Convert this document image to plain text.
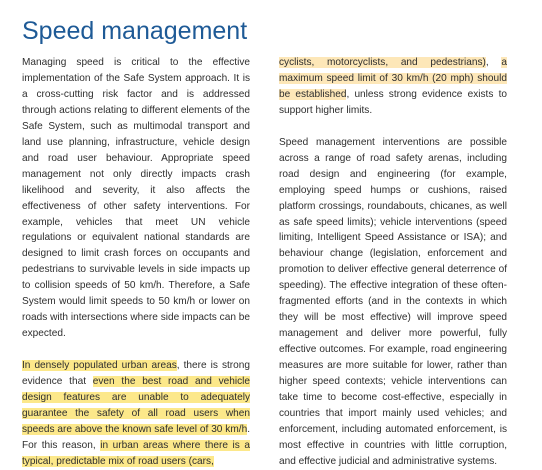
Speed management

Managing speed is critical to the effective implementation of the Safe System approach. It is a cross-cutting risk factor and is addressed through actions relating to different elements of the Safe System, such as multimodal transport and land use planning, infrastructure, vehicle design and road user behaviour. Appropriate speed management not only directly impacts crash likelihood and severity, it also affects the effectiveness of other safety interventions. For example, vehicles that meet UN vehicle regulations or equivalent national standards are designed to limit crash forces on occupants and pedestrians to survivable levels in side impacts up to collision speeds of 50 km/h. Therefore, a Safe System would limit speeds to 50 km/h or lower on roads with intersections where side impacts can be expected.

In densely populated urban areas, there is strong evidence that even the best road and vehicle design features are unable to adequately guarantee the safety of all road users when speeds are above the known safe level of 30 km/h. For this reason, in urban areas where there is a typical, predictable mix of road users (cars,

cyclists, motorcyclists, and pedestrians), a maximum speed limit of 30 km/h (20 mph) should be established, unless strong evidence exists to support higher limits.

Speed management interventions are possible across a range of road safety arenas, including road design and engineering (for example, employing speed humps or cushions, raised platform crossings, roundabouts, chicanes, as well as safe speed limits); vehicle interventions (speed limiting, Intelligent Speed Assistance or ISA); and behaviour change (legislation, enforcement and promotion to deliver effective general deterrence of speeding). The effective integration of these often-fragmented efforts (and in the contexts in which they will be most effective) will improve speed management and deliver more powerful, fully effective outcomes. For example, road engineering measures are more suitable for lower, rather than higher speed contexts; vehicle interventions can take time to become cost-effective, especially in countries that import mainly used vehicles; and enforcement, including automated enforcement, is most effective in countries with little corruption, and effective judicial and administrative systems.
